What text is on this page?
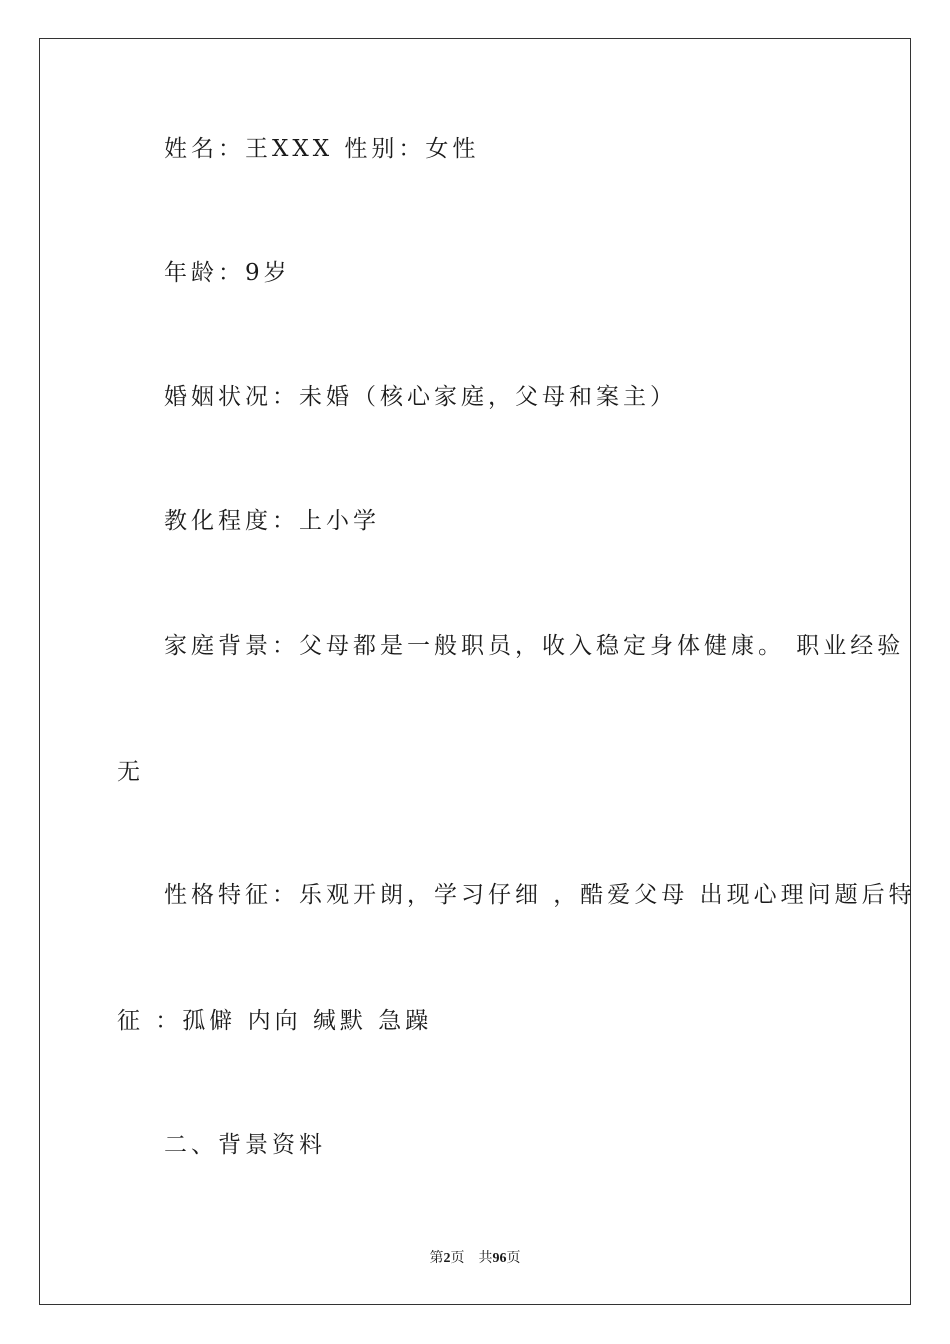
姓名：王XXX 性别：女性
年龄：9岁
婚姻状况：未婚（核心家庭，父母和案主）
教化程度：上小学
家庭背景：父母都是一般职员，收入稳定身体健康。 职业经验
无
性格特征：乐观开朗，学习仔细 ，酷爱父母 出现心理问题后特
征 ：孤僻 内向 缄默 急躁
二、背景资料
第2页 共96页
